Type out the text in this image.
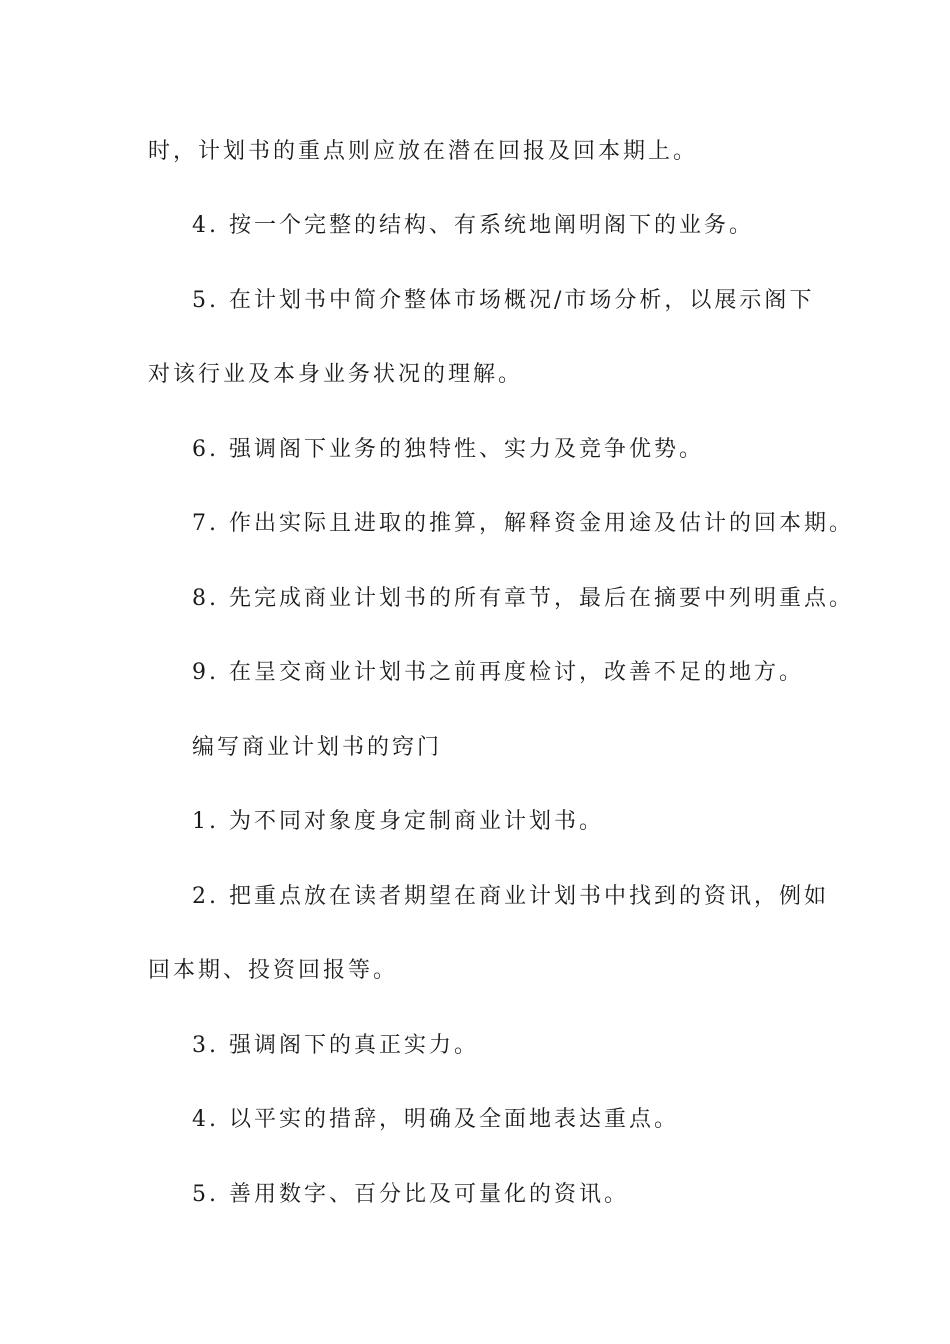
时，计划书的重点则应放在潜在回报及回本期上。
4. 按一个完整的结构、有系统地阐明阁下的业务。
5. 在计划书中简介整体市场概况/市场分析，以展示阁下
对该行业及本身业务状况的理解。
6. 强调阁下业务的独特性、实力及竞争优势。
7. 作出实际且进取的推算，解释资金用途及估计的回本期。
8. 先完成商业计划书的所有章节，最后在摘要中列明重点。
9. 在呈交商业计划书之前再度检讨，改善不足的地方。
编写商业计划书的窍门
1. 为不同对象度身定制商业计划书。
2. 把重点放在读者期望在商业计划书中找到的资讯，例如
回本期、投资回报等。
3. 强调阁下的真正实力。
4. 以平实的措辞，明确及全面地表达重点。
5. 善用数字、百分比及可量化的资讯。
